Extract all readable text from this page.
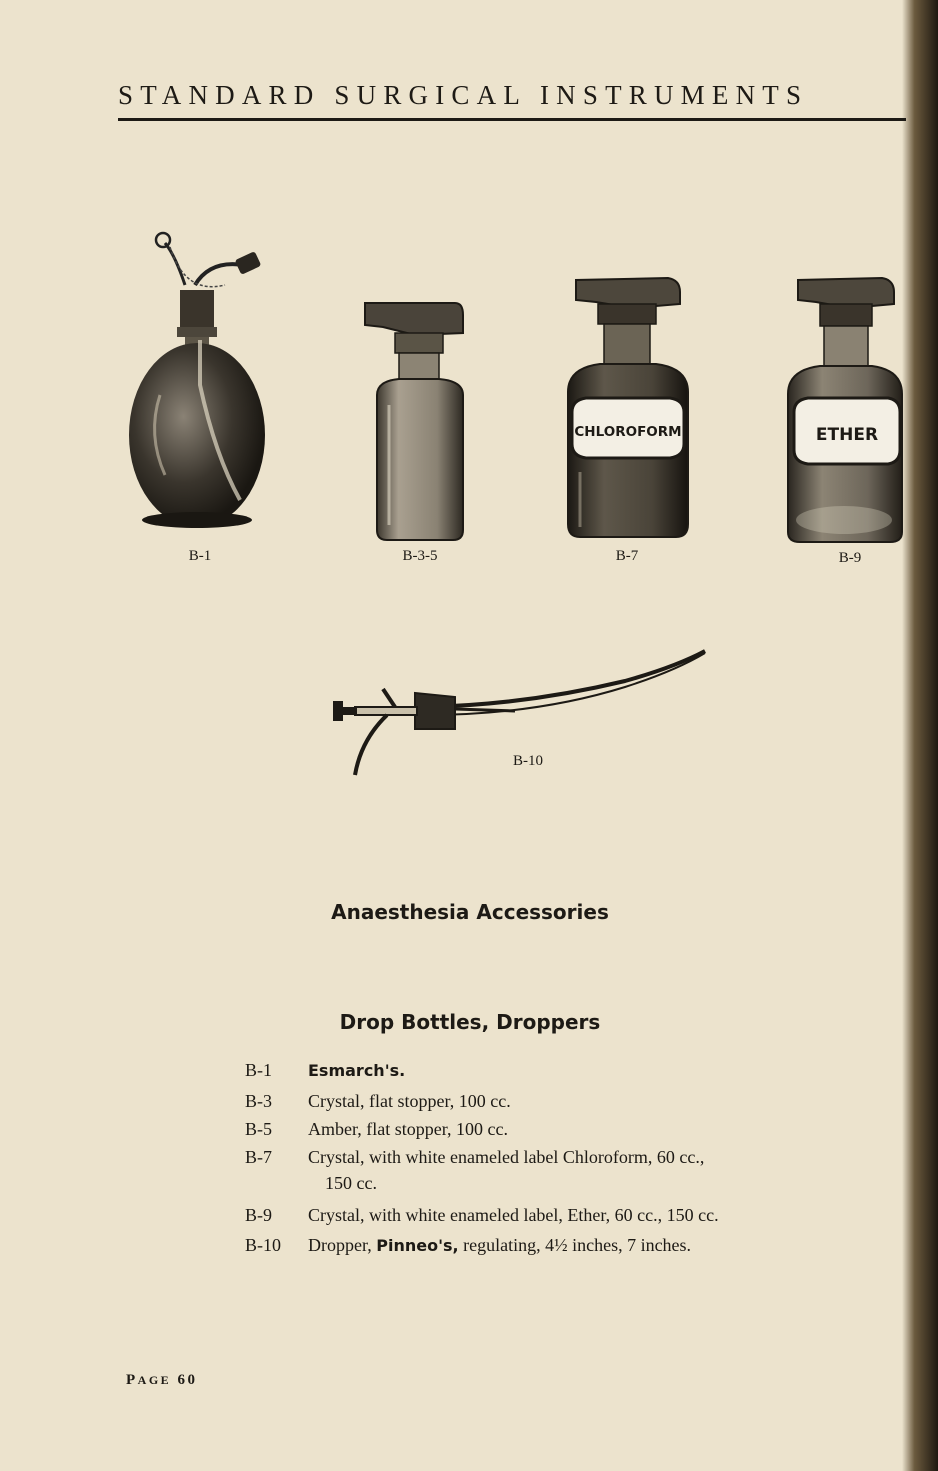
STANDARD SURGICAL INSTRUMENTS
B-1	B-3-5
CHLOROFORM
B-7
ETHER
B-9
B-10
Anaesthesia Accessories
Drop Bottles, Droppers
B-1	Esmarch's.
B-3	Crystal, flat stopper, 100 cc.
B-5	Amber, flat stopper, 100 cc.
B-7	Crystal, with white enameled label Chloroform, 60 cc.,
150 cc.
B-9	Crystal, with white enameled label, Ether, 60 cc., 150 cc.
B-10	Dropper, Pinneo's, regulating, 4½ inches, 7 inches.
PAGE 60
